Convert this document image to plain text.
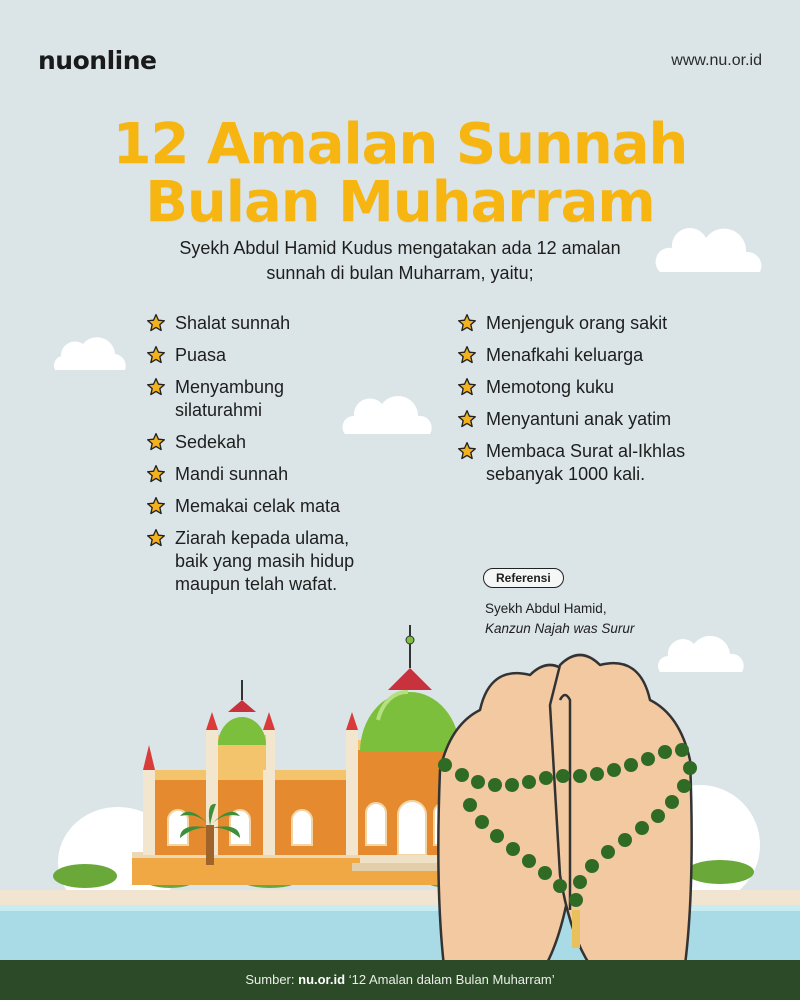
nuonline	www.nu.or.id
12 Amalan Sunnah
Bulan Muharram
Syekh Abdul Hamid Kudus mengatakan ada 12 amalan sunnah di bulan Muharram, yaitu;
Shalat sunnah
Puasa
Menyambung silaturahmi
Sedekah
Mandi sunnah
Memakai celak mata
Ziarah kepada ulama, baik yang masih hidup maupun telah wafat.
Menjenguk orang sakit
Menafkahi keluarga
Memotong kuku
Menyantuni anak yatim
Membaca Surat al-Ikhlas sebanyak 1000 kali.
Referensi
Syekh Abdul Hamid,
Kanzun Najah was Surur
Sumber: nu.or.id ‘12 Amalan dalam Bulan Muharram’
